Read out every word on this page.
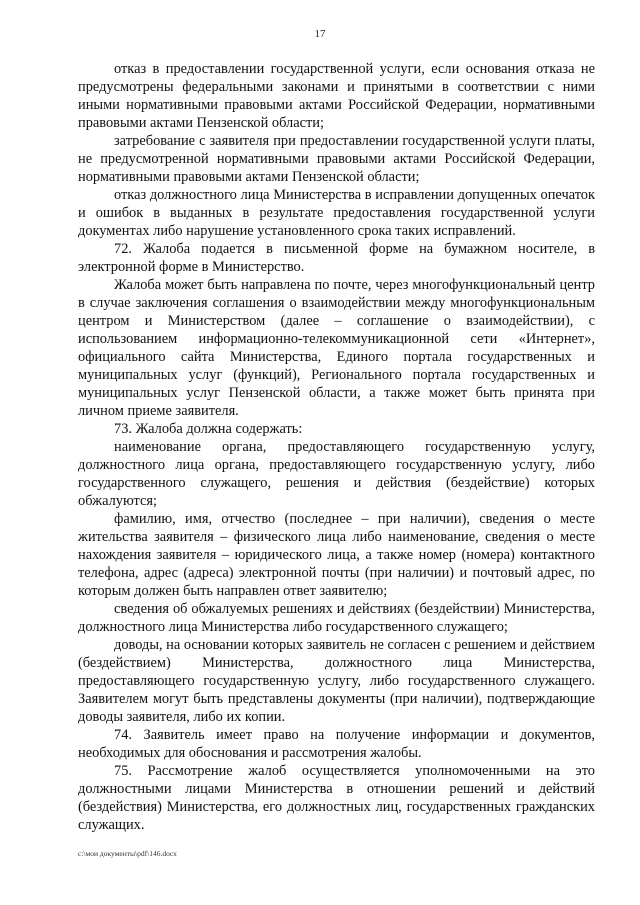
17

отказ в предоставлении государственной услуги, если основания отказа не предусмотрены федеральными законами и принятыми в соответствии с ними иными нормативными правовыми актами Российской Федерации, нормативными правовыми актами Пензенской области;

затребование с заявителя при предоставлении государственной услуги платы, не предусмотренной нормативными правовыми актами Российской Федерации, нормативными правовыми актами Пензенской области;

отказ должностного лица Министерства в исправлении допущенных опечаток и ошибок в выданных в результате предоставления государственной услуги документах либо нарушение установленного срока таких исправлений.

72. Жалоба подается в письменной форме на бумажном носителе, в электронной форме в Министерство.

Жалоба может быть направлена по почте, через многофункциональный центр в случае заключения соглашения о взаимодействии между многофункциональным центром и Министерством (далее – соглашение о взаимодействии), с использованием информационно-телекоммуникационной сети «Интернет», официального сайта Министерства, Единого портала государственных и муниципальных услуг (функций), Регионального портала государственных и муниципальных услуг Пензенской области, а также может быть принята при личном приеме заявителя.

73. Жалоба должна содержать:

наименование органа, предоставляющего государственную услугу, должностного лица органа, предоставляющего государственную услугу, либо государственного служащего, решения и действия (бездействие) которых обжалуются;

фамилию, имя, отчество (последнее – при наличии), сведения о месте жительства заявителя – физического лица либо наименование, сведения о месте нахождения заявителя – юридического лица, а также номер (номера) контактного телефона, адрес (адреса) электронной почты (при наличии) и почтовый адрес, по которым должен быть направлен ответ заявителю;

сведения об обжалуемых решениях и действиях (бездействии) Министерства, должностного лица Министерства либо государственного служащего;

доводы, на основании которых заявитель не согласен с решением и действием (бездействием) Министерства, должностного лица Министерства, предоставляющего государственную услугу, либо государственного служащего. Заявителем могут быть представлены документы (при наличии), подтверждающие доводы заявителя, либо их копии.

74. Заявитель имеет право на получение информации и документов, необходимых для обоснования и рассмотрения жалобы.

75. Рассмотрение жалоб осуществляется уполномоченными на это должностными лицами Министерства в отношении решений и действий (бездействия) Министерства, его должностных лиц, государственных гражданских служащих.

c:\мои документы\pdf\146.docx
